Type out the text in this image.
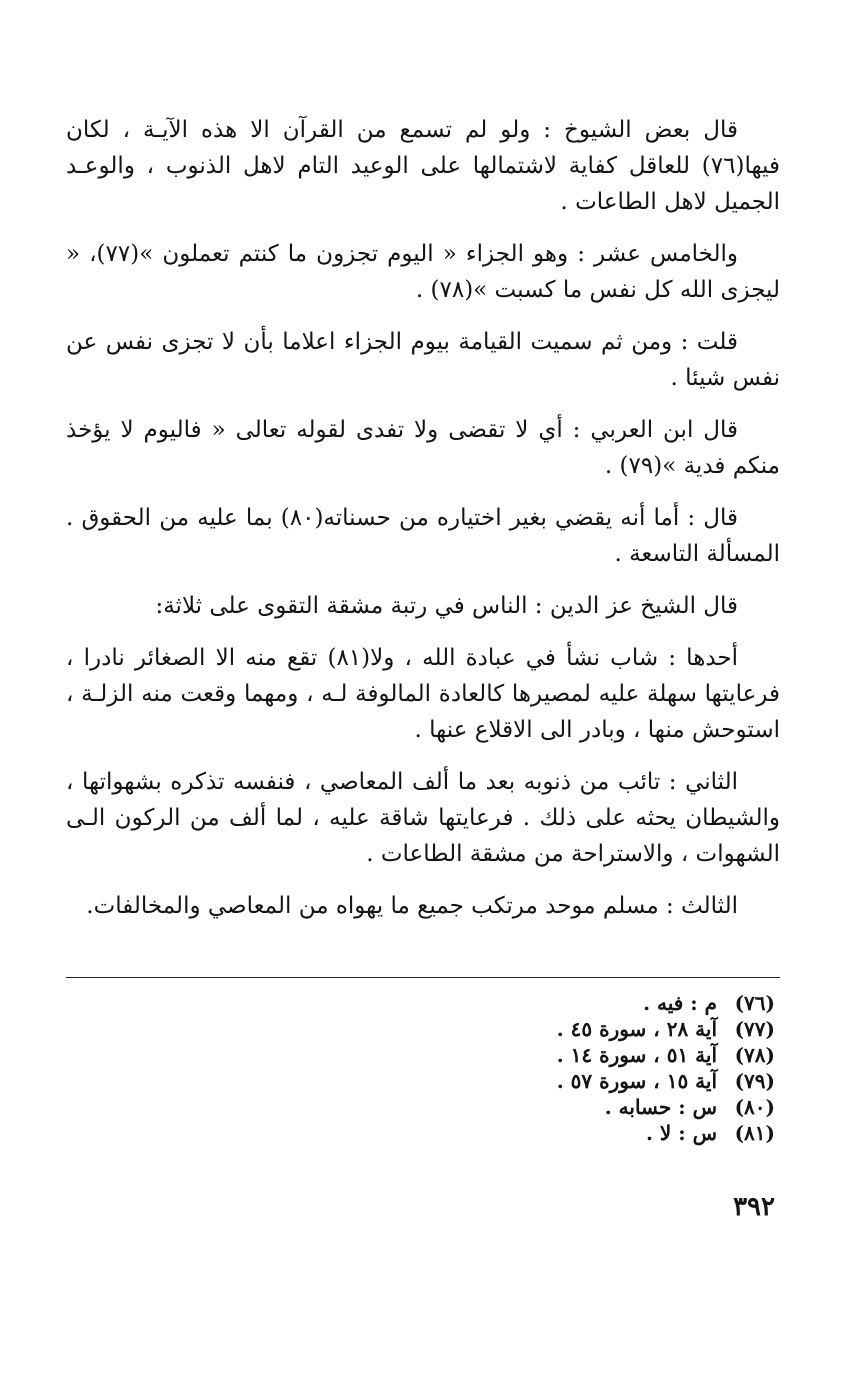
قال بعض الشيوخ : ولو لم تسمع من القرآن الا هذه الآيـة ، لكان فيها(٧٦) للعاقل كفاية لاشتمالها على الوعيد التام لاهل الذنوب ، والوعـد الجميل لاهل الطاعات .

والخامس عشر : وهو الجزاء « اليوم تجزون ما كنتم تعملون »(٧٧)، « ليجزى الله كل نفس ما كسبت »(٧٨) .

قلت : ومن ثم سميت القيامة بيوم الجزاء اعلاما بأن لا تجزى نفس عن نفس شيئا .

قال ابن العربي : أي لا تقضى ولا تفدى لقوله تعالى « فاليوم لا يؤخذ منكم فدية »(٧٩) .

قال : أما أنه يقضي بغير اختياره من حسناته(٨٠) بما عليه من الحقوق . المسألة التاسعة .

قال الشيخ عز الدين : الناس في رتبة مشقة التقوى على ثلاثة:

أحدها : شاب نشأ في عبادة الله ، ولا(٨١) تقع منه الا الصغائر نادرا ، فرعايتها سهلة عليه لمصيرها كالعادة المالوفة لـه ، ومهما وقعت منه الزلـة ، استوحش منها ، وبادر الى الاقلاع عنها .

الثاني : تائب من ذنوبه بعد ما ألف المعاصي ، فنفسه تذكره بشهواتها ، والشيطان يحثه على ذلك . فرعايتها شاقة عليه ، لما ألف من الركون الـى الشهوات ، والاستراحة من مشقة الطاعات .

الثالث : مسلم موحد مرتكب جميع ما يهواه من المعاصي والمخالفات.

(٧٦)
م : فيه .
(٧٧)
آية ٢٨ ، سورة ٤٥ .
(٧٨)
آية ٥١ ، سورة ١٤ .
(٧٩)
آية ١٥ ، سورة ٥٧ .
(٨٠)
س : حسابه .
(٨١)
س : لا .
٣٩٢
